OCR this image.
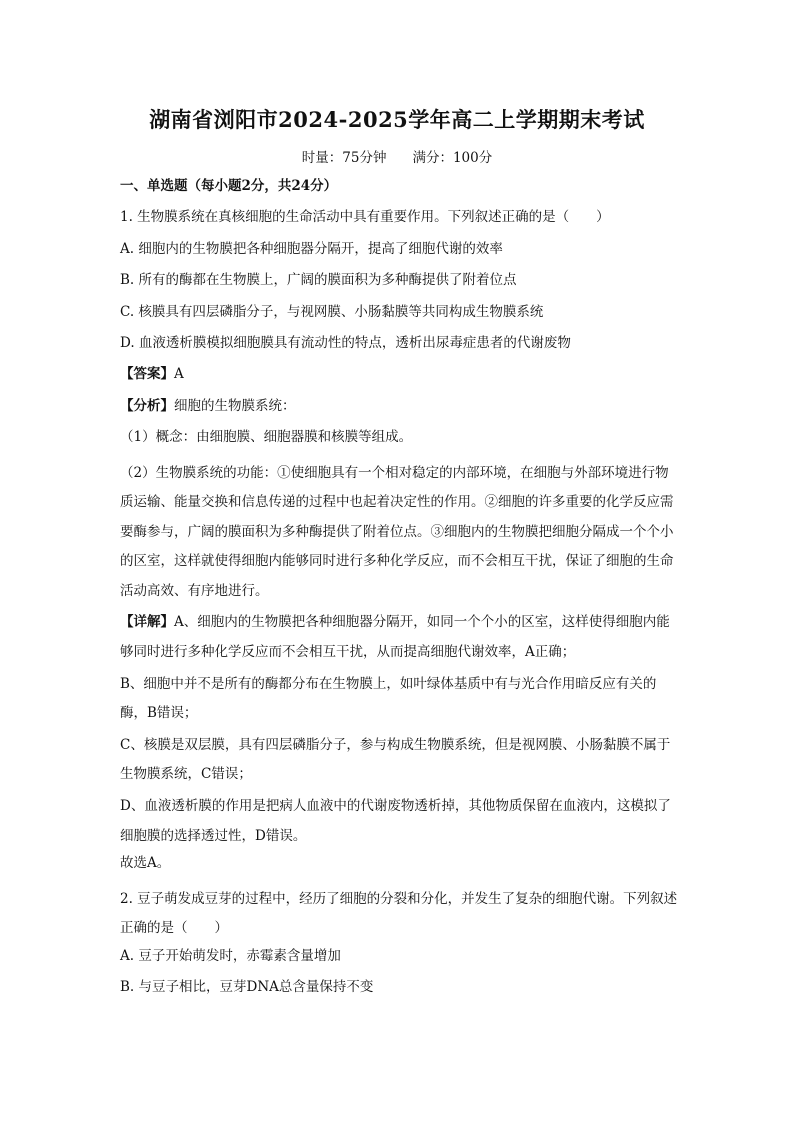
湖南省浏阳市2024-2025学年高二上学期期末考试
时量：75分钟 满分：100分
一、单选题（每小题2分，共24分）
1. 生物膜系统在真核细胞的生命活动中具有重要作用。下列叙述正确的是（　　）
A. 细胞内的生物膜把各种细胞器分隔开，提高了细胞代谢的效率
B. 所有的酶都在生物膜上，广阔的膜面积为多种酶提供了附着位点
C. 核膜具有四层磷脂分子，与视网膜、小肠黏膜等共同构成生物膜系统
D. 血液透析膜模拟细胞膜具有流动性的特点，透析出尿毒症患者的代谢废物
【答案】A
【分析】细胞的生物膜系统：
（1）概念：由细胞膜、细胞器膜和核膜等组成。
（2）生物膜系统的功能：①使细胞具有一个相对稳定的内部环境，在细胞与外部环境进行物质运输、能量交换和信息传递的过程中也起着决定性的作用。②细胞的许多重要的化学反应需要酶参与，广阔的膜面积为多种酶提供了附着位点。③细胞内的生物膜把细胞分隔成一个个小的区室，这样就使得细胞内能够同时进行多种化学反应，而不会相互干扰，保证了细胞的生命活动高效、有序地进行。
【详解】A、细胞内的生物膜把各种细胞器分隔开，如同一个个小的区室，这样使得细胞内能够同时进行多种化学反应而不会相互干扰，从而提高细胞代谢效率，A正确；
B、细胞中并不是所有的酶都分布在生物膜上，如叶绿体基质中有与光合作用暗反应有关的酶，B错误；
C、核膜是双层膜，具有四层磷脂分子，参与构成生物膜系统，但是视网膜、小肠黏膜不属于生物膜系统，C错误；
D、血液透析膜的作用是把病人血液中的代谢废物透析掉，其他物质保留在血液内，这模拟了细胞膜的选择透过性，D错误。
故选A。
2. 豆子萌发成豆芽的过程中，经历了细胞的分裂和分化，并发生了复杂的细胞代谢。下列叙述正确的是（　　）
A. 豆子开始萌发时，赤霉素含量增加
B. 与豆子相比，豆芽DNA总含量保持不变
